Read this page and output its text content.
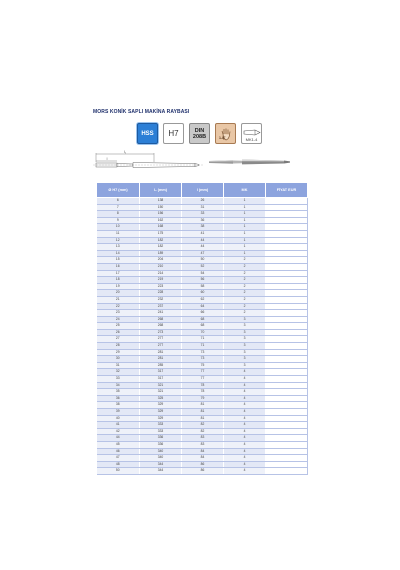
MORS KONİK SAPLI MAKİNA RAYBASI
HSS	H7	DIN
208B	1-8°	MK1-4
l₁
l
Ø H7 (mm)	l₁ (mm)	l (mm)	MK	FİYAT EUR
6	138	26	1	
7	150	31	1	
8	156	33	1	
9	162	36	1	
10	168	38	1	
11	175	41	1	
12	182	44	1	
13	182	44	1	
14	189	47	1	
15	204	50	2	
16	210	52	2	
17	214	54	2	
18	219	56	2	
19	223	58	2	
20	228	60	2	
21	232	62	2	
22	237	64	2	
23	241	66	2	
24	268	68	3	
25	268	68	3	
26	273	70	3	
27	277	71	3	
28	277	71	3	
29	281	73	3	
30	281	73	3	
31	285	75	3	
32	317	77	4	
33	317	77	4	
34	321	78	4	
35	321	78	4	
36	325	79	4	
38	329	81	4	
39	329	81	4	
40	329	81	4	
41	333	82	4	
42	333	82	4	
44	336	83	4	
45	336	83	4	
46	340	84	4	
47	340	84	4	
48	344	86	4	
50	344	86	4	
